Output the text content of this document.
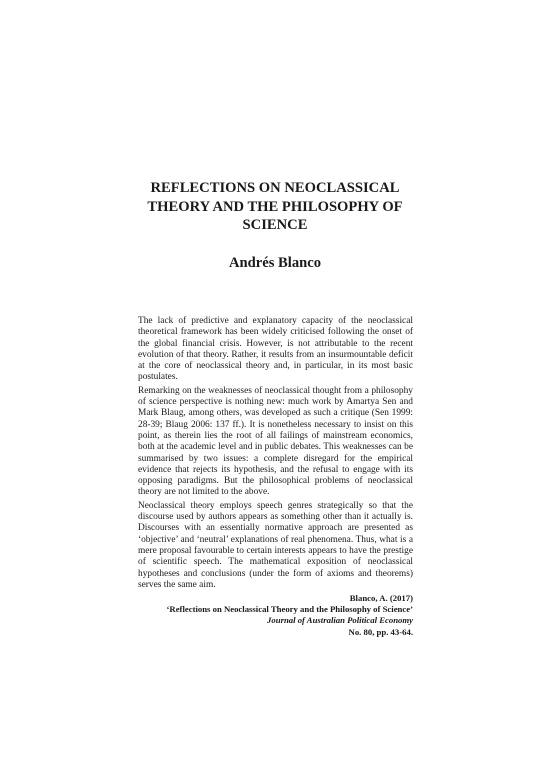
REFLECTIONS ON NEOCLASSICAL
THEORY AND THE PHILOSOPHY OF
SCIENCE
Andrés Blanco

The lack of predictive and explanatory capacity of the neoclassical theoretical framework has been widely criticised following the onset of the global financial crisis. However, is not attributable to the recent evolution of that theory. Rather, it results from an insurmountable deficit at the core of neoclassical theory and, in particular, in its most basic postulates.

Remarking on the weaknesses of neoclassical thought from a philosophy of science perspective is nothing new: much work by Amartya Sen and Mark Blaug, among others, was developed as such a critique (Sen 1999: 28-39; Blaug 2006: 137 ff.). It is nonetheless necessary to insist on this point, as therein lies the root of all failings of mainstream economics, both at the academic level and in public debates. This weaknesses can be summarised by two issues: a complete disregard for the empirical evidence that rejects its hypothesis, and the refusal to engage with its opposing paradigms. But the philosophical problems of neoclassical theory are not limited to the above.

Neoclassical theory employs speech genres strategically so that the discourse used by authors appears as something other than it actually is. Discourses with an essentially normative approach are presented as ‘objective’ and ‘neutral’ explanations of real phenomena. Thus, what is a mere proposal favourable to certain interests appears to have the prestige of scientific speech. The mathematical exposition of neoclassical hypotheses and conclusions (under the form of axioms and theorems) serves the same aim.

Blanco, A. (2017)
‘Reflections on Neoclassical Theory and the Philosophy of Science’
Journal of Australian Political Economy
No. 80, pp. 43-64.
